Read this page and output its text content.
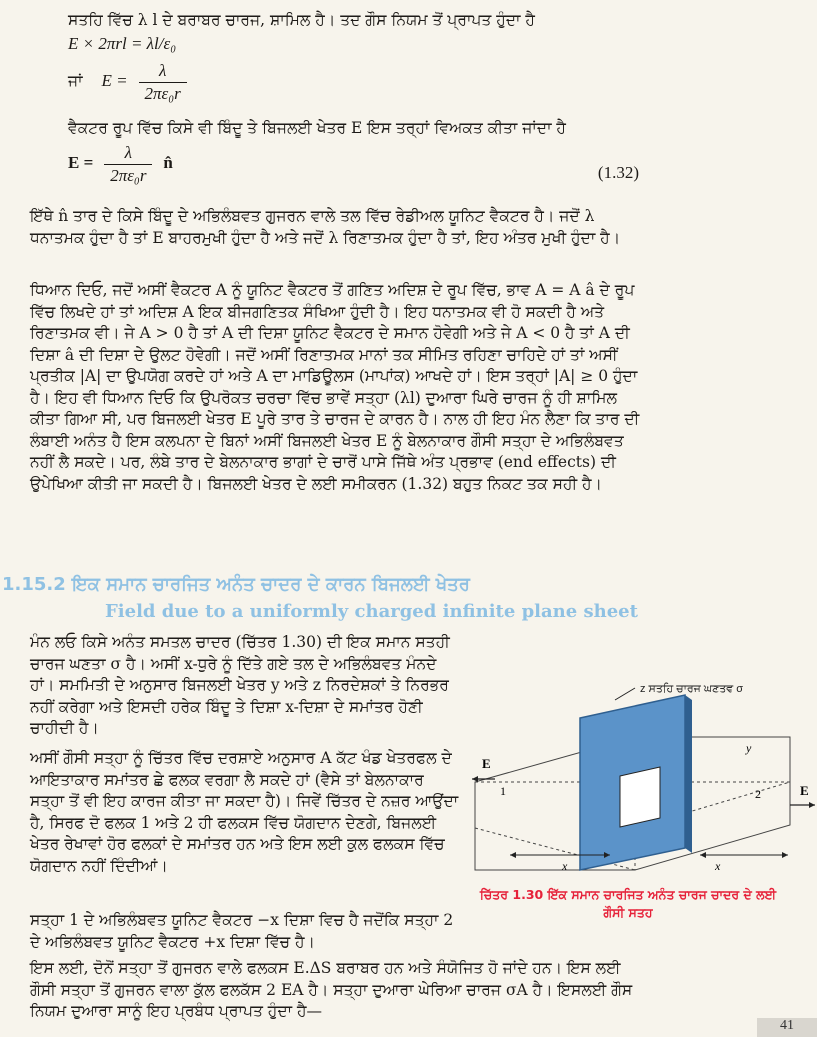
ਸਤਹਿ ਵਿੱਚ λ l ਦੇ ਬਰਾਬਰ ਚਾਰਜ, ਸ਼ਾਮਿਲ ਹੈ। ਤਦ ਗੌਸ ਨਿਯਮ ਤੋਂ ਪ੍ਰਾਪਤ ਹੁੰਦਾ ਹੈ

E × 2πrl = λl/ε₀

ਜਾਂ $E = \frac{\lambda}{\text{2πε₀r}}$

ਵੈਕਟਰ ਰੂਪ ਵਿੱਚ ਕਿਸੇ ਵੀ ਬਿੰਦੂ ਤੇ ਬਿਜਲਈ ਖੇਤਰ E ਇਸ ਤਰ੍ਹਾਂ ਵਿਅਕਤ ਕੀਤਾ ਜਾਂਦਾ ਹੈ

$E = \frac{\lambda}{\text{2πε₀r}}$ n̂
(1.32)

ਇੱਥੇ n̂ ਤਾਰ ਦੇ ਕਿਸੇ ਬਿੰਦੂ ਦੇ ਅਭਿਲੰਬਵਤ ਗੁਜਰਨ ਵਾਲੇ ਤਲ ਵਿੱਚ ਰੇਡੀਅਲ ਯੂਨਿਟ ਵੈਕਟਰ ਹੈ। ਜਦੋਂ λ ਧਨਾਤਮਕ ਹੁੰਦਾ ਹੈ ਤਾਂ E ਬਾਹਰਮੁਖੀ ਹੁੰਦਾ ਹੈ ਅਤੇ ਜਦੋਂ λ ਰਿਣਾਤਮਕ ਹੁੰਦਾ ਹੈ ਤਾਂ, ਇਹ ਅੰਤਰ ਮੁਖੀ ਹੁੰਦਾ ਹੈ।

ਧਿਆਨ ਦਿਓ, ਜਦੋਂ ਅਸੀਂ ਵੈਕਟਰ A ਨੂੰ ਯੂਨਿਟ ਵੈਕਟਰ ਤੋਂ ਗਣਿਤ ਅਦਿਸ਼ ਦੇ ਰੂਪ ਵਿੱਚ, ਭਾਵ A = A â ਦੇ ਰੂਪ ਵਿੱਚ ਲਿਖਦੇ ਹਾਂ ਤਾਂ ਅਦਿਸ਼ A ਇਕ ਬੀਜਗਣਿਤਕ ਸੰਖਿਆ ਹੁੰਦੀ ਹੈ। ਇਹ ਧਨਾਤਮਕ ਵੀ ਹੋ ਸਕਦੀ ਹੈ ਅਤੇ ਰਿਣਾਤਮਕ ਵੀ। ਜੇ A > 0 ਹੈ ਤਾਂ A ਦੀ ਦਿਸ਼ਾ ਯੂਨਿਟ ਵੈਕਟਰ ਦੇ ਸਮਾਨ ਹੋਵੇਗੀ ਅਤੇ ਜੇ A < 0 ਹੈ ਤਾਂ A ਦੀ ਦਿਸ਼ਾ â ਦੀ ਦਿਸ਼ਾ ਦੇ ਉਲਟ ਹੋਵੇਗੀ। ਜਦੋਂ ਅਸੀਂ ਰਿਣਾਤਮਕ ਮਾਨਾਂ ਤਕ ਸੀਮਿਤ ਰਹਿਣਾ ਚਾਹਿਦੇ ਹਾਂ ਤਾਂ ਅਸੀਂ ਪ੍ਰਤੀਕ |A| ਦਾ ਉਪਯੋਗ ਕਰਦੇ ਹਾਂ ਅਤੇ A ਦਾ ਮਾਡਿਊਲਸ (ਮਾਪਾਂਕ) ਆਖਦੇ ਹਾਂ। ਇਸ ਤਰ੍ਹਾਂ |A| ≥ 0 ਹੁੰਦਾ ਹੈ। ਇਹ ਵੀ ਧਿਆਨ ਦਿਓ ਕਿ ਉਪਰੋਕਤ ਚਰਚਾ ਵਿੱਚ ਭਾਵੇਂ ਸਤ੍ਹਾ (λl) ਦੁਆਰਾ ਘਿਰੇ ਚਾਰਜ ਨੂੰ ਹੀ ਸ਼ਾਮਿਲ ਕੀਤਾ ਗਿਆ ਸੀ, ਪਰ ਬਿਜਲਈ ਖੇਤਰ E ਪੂਰੇ ਤਾਰ ਤੇ ਚਾਰਜ ਦੇ ਕਾਰਨ ਹੈ। ਨਾਲ ਹੀ ਇਹ ਮੰਨ ਲੈਣਾ ਕਿ ਤਾਰ ਦੀ ਲੰਬਾਈ ਅਨੰਤ ਹੈ ਇਸ ਕਲਪਨਾ ਦੇ ਬਿਨਾਂ ਅਸੀਂ ਬਿਜਲਈ ਖੇਤਰ E ਨੂੰ ਬੇਲਨਾਕਾਰ ਗੌਸੀ ਸਤ੍ਹਾ ਦੇ ਅਭਿਲੰਬਵਤ ਨਹੀਂ ਲੈ ਸਕਦੇ। ਪਰ, ਲੰਬੇ ਤਾਰ ਦੇ ਬੇਲਨਾਕਾਰ ਭਾਗਾਂ ਦੇ ਚਾਰੋਂ ਪਾਸੇ ਜਿੱਥੇ ਅੰਤ ਪ੍ਰਭਾਵ (end effects) ਦੀ ਉਪੇਖਿਆ ਕੀਤੀ ਜਾ ਸਕਦੀ ਹੈ। ਬਿਜਲਈ ਖੇਤਰ ਦੇ ਲਈ ਸਮੀਕਰਨ (1.32) ਬਹੁਤ ਨਿਕਟ ਤਕ ਸਹੀ ਹੈ।

1.15.2 ਇਕ ਸਮਾਨ ਚਾਰਜਿਤ ਅਨੰਤ ਚਾਦਰ ਦੇ ਕਾਰਨ ਬਿਜਲਈ ਖੇਤਰ
Field due to a uniformly charged infinite plane sheet

ਮੰਨ ਲਓ ਕਿਸੇ ਅਨੰਤ ਸਮਤਲ ਚਾਦਰ (ਚਿੱਤਰ 1.30) ਦੀ ਇਕ ਸਮਾਨ ਸਤਹੀ ਚਾਰਜ ਘਣਤਾ σ ਹੈ। ਅਸੀਂ x-ਧੁਰੇ ਨੂੰ ਦਿੱਤੇ ਗਏ ਤਲ ਦੇ ਅਭਿਲੰਬਵਤ ਮੰਨਦੇ ਹਾਂ। ਸਮਮਿਤੀ ਦੇ ਅਨੁਸਾਰ ਬਿਜਲਈ ਖੇਤਰ y ਅਤੇ z ਨਿਰਦੇਸ਼ਕਾਂ ਤੇ ਨਿਰਭਰ ਨਹੀਂ ਕਰੇਗਾ ਅਤੇ ਇਸਦੀ ਹਰੇਕ ਬਿੰਦੂ ਤੇ ਦਿਸ਼ਾ x-ਦਿਸ਼ਾ ਦੇ ਸਮਾਂਤਰ ਹੋਣੀ ਚਾਹੀਦੀ ਹੈ।

ਅਸੀਂ ਗੌਸੀ ਸਤ੍ਹਾ ਨੂੰ ਚਿੱਤਰ ਵਿੱਚ ਦਰਸ਼ਾਏ ਅਨੁਸਾਰ A ਕੱਟ ਖੰਡ ਖੇਤਰਫਲ ਦੇ ਆਇਤਾਕਾਰ ਸਮਾਂਤਰ ਛੇ ਫਲਕ ਵਰਗਾ ਲੈ ਸਕਦੇ ਹਾਂ (ਵੈਸੇ ਤਾਂ ਬੇਲਨਾਕਾਰ ਸਤ੍ਹਾ ਤੋਂ ਵੀ ਇਹ ਕਾਰਜ ਕੀਤਾ ਜਾ ਸਕਦਾ ਹੈ)। ਜਿਵੇਂ ਚਿੱਤਰ ਦੇ ਨਜ਼ਰ ਆਉਂਦਾ ਹੈ, ਸਿਰਫ ਦੋ ਫਲਕ 1 ਅਤੇ 2 ਹੀ ਫਲਕਸ ਵਿੱਚ ਯੋਗਦਾਨ ਦੇਣਗੇ, ਬਿਜਲਈ ਖੇਤਰ ਰੇਖਾਵਾਂ ਹੋਰ ਫਲਕਾਂ ਦੇ ਸਮਾਂਤਰ ਹਨ ਅਤੇ ਇਸ ਲਈ ਕੁਲ ਫਲਕਸ ਵਿੱਚ ਯੋਗਦਾਨ ਨਹੀਂ ਦਿੰਦੀਆਂ।

ਸਤ੍ਹਾ 1 ਦੇ ਅਭਿਲੰਬਵਤ ਯੂਨਿਟ ਵੈਕਟਰ −x ਦਿਸ਼ਾ ਵਿਚ ਹੈ ਜਦੋਂਕਿ ਸਤ੍ਹਾ 2 ਦੇ ਅਭਿਲੰਬਵਤ ਯੂਨਿਟ ਵੈਕਟਰ +x ਦਿਸ਼ਾ ਵਿੱਚ ਹੈ।

ਇਸ ਲਈ, ਦੋਨੋਂ ਸਤ੍ਹਾ ਤੋਂ ਗੁਜਰਨ ਵਾਲੇ ਫਲਕਸ E.ΔS ਬਰਾਬਰ ਹਨ ਅਤੇ ਸੰਯੋਜਿਤ ਹੋ ਜਾਂਦੇ ਹਨ। ਇਸ ਲਈ ਗੌਸੀ ਸਤ੍ਹਾ ਤੋਂ ਗੁਜਰਨ ਵਾਲਾ ਕੁੱਲ ਫਲਕੱਸ 2 EA ਹੈ। ਸਤ੍ਹਾ ਦੁਆਰਾ ਘੇਰਿਆ ਚਾਰਜ σA ਹੈ। ਇਸਲਈ ਗੌਸ ਨਿਯਮ ਦੁਆਰਾ ਸਾਨੂੰ ਇਹ ਪ੍ਰਬੰਧ ਪ੍ਰਾਪਤ ਹੁੰਦਾ ਹੈ—

z ਸਤਹਿ ਚਾਰਜ ਘਣਤਵ σ
E
E
1	2
y
x	x
ਚਿੱਤਰ 1.30 ਇੱਕ ਸਮਾਨ ਚਾਰਜਿਤ ਅਨੰਤ ਚਾਰਜ ਚਾਦਰ ਦੇ ਲਈ ਗੌਸੀ ਸਤਹ
41
